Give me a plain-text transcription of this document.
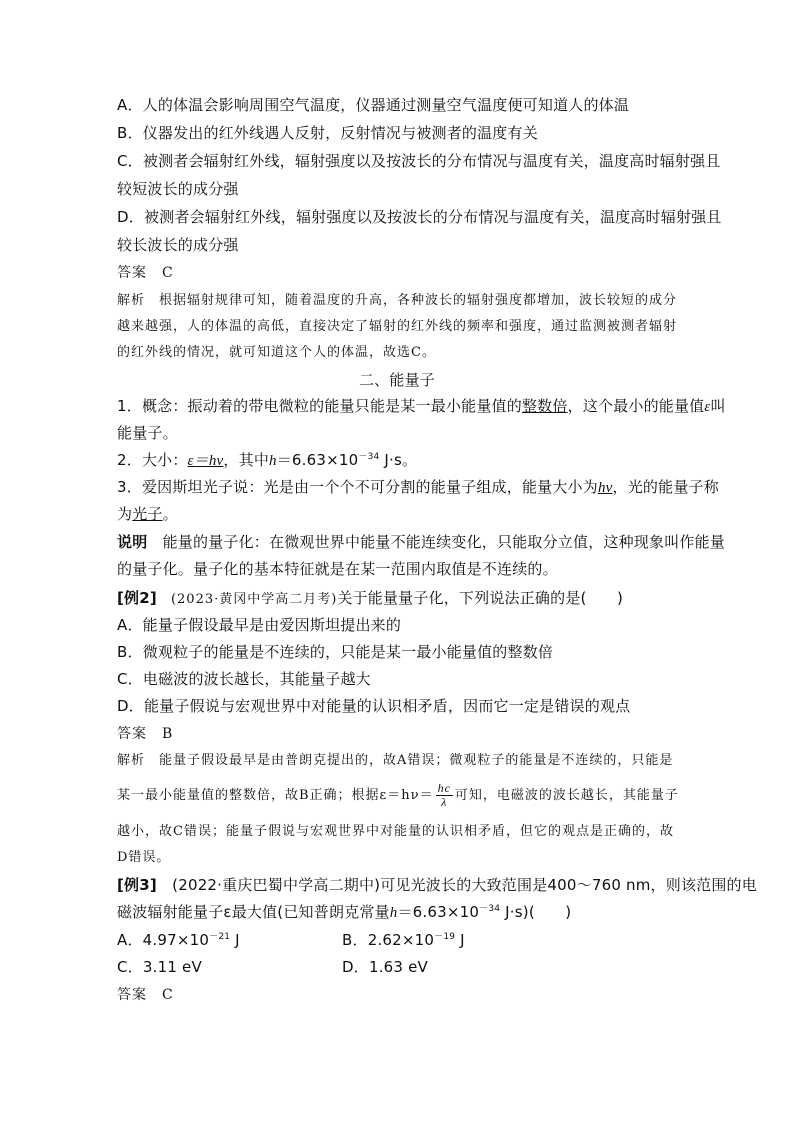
A．人的体温会影响周围空气温度，仪器通过测量空气温度便可知道人的体温
B．仪器发出的红外线遇人反射，反射情况与被测者的温度有关
C．被测者会辐射红外线，辐射强度以及按波长的分布情况与温度有关，温度高时辐射强且
较短波长的成分强
D．被测者会辐射红外线，辐射强度以及按波长的分布情况与温度有关，温度高时辐射强且
较长波长的成分强
答案　C
解析　根据辐射规律可知，随着温度的升高，各种波长的辐射强度都增加，波长较短的成分
越来越强，人的体温的高低，直接决定了辐射的红外线的频率和强度，通过监测被测者辐射
的红外线的情况，就可知道这个人的体温，故选C。
二、能量子
1．概念：振动着的带电微粒的能量只能是某一最小能量值的整数倍，这个最小的能量值ε叫
能量子。
2．大小：ε＝hν，其中$h=6.63\times 10^{-34}$ J·s。
3．爱因斯坦光子说：光是由一个个不可分割的能量子组成，能量大小为hν，光的能量子称
为光子。
说明　能量的量子化：在微观世界中能量不能连续变化，只能取分立值，这种现象叫作能量
的量子化。量子化的基本特征就是在某一范围内取值是不连续的。
[例2]　(2023·黄冈中学高二月考)关于能量量子化，下列说法正确的是(　　)
A．能量子假设最早是由爱因斯坦提出来的
B．微观粒子的能量是不连续的，只能是某一最小能量值的整数倍
C．电磁波的波长越长，其能量子越大
D．能量子假说与宏观世界中对能量的认识相矛盾，因而它一定是错误的观点
答案　B
解析　能量子假设最早是由普朗克提出的，故A错误；微观粒子的能量是不连续的，只能是
某一最小能量值的整数倍，故B正确；根据$\varepsilon=h\nu= \frac{hc}{\lambda}$ 可知，电磁波的波长越长，其能量子
越小，故C错误；能量子假说与宏观世界中对能量的认识相矛盾，但它的观点是正确的，故
D错误。
[例3]　(2022·重庆巴蜀中学高二期中)可见光波长的大致范围是400～760 nm，则该范围的电
磁波辐射能量子ε最大值(已知普朗克常量$h=6.63\times 10^{-34}$ J·s)(　　)
A．$4.97\times 10^{-21}$ J	B．$2.62\times 10^{-19}$ J
C．3.11 eV	D．1.63 eV
答案　C
